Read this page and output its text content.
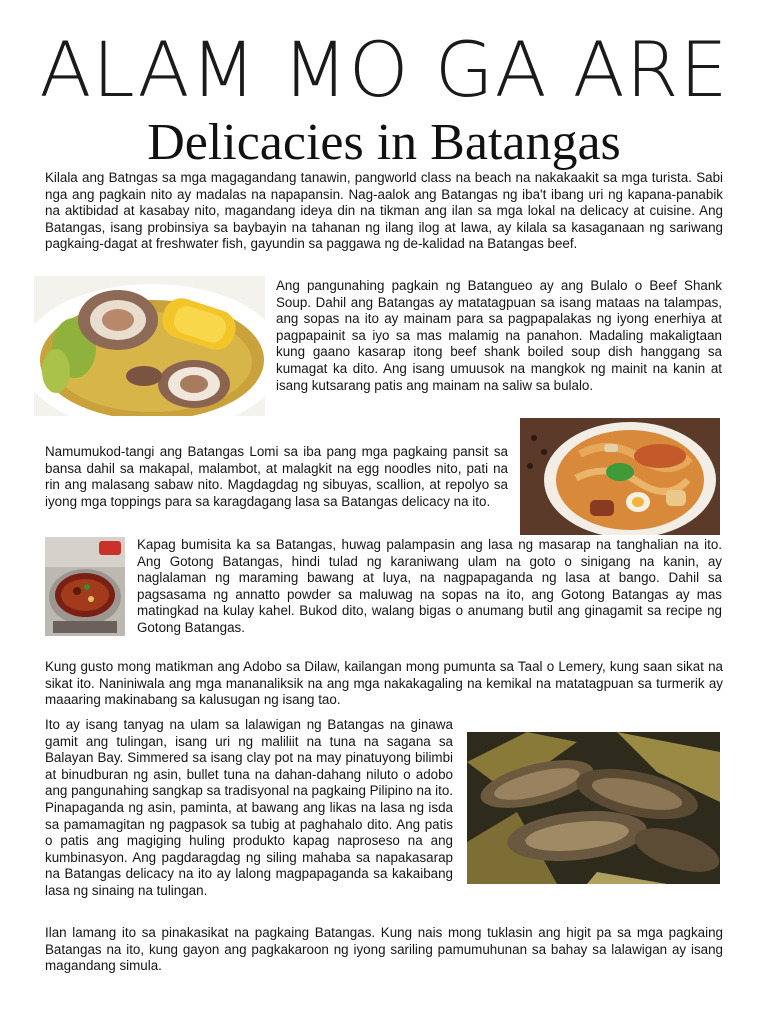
ALAM MO GA ARE
Delicacies in Batangas

Kilala ang Batngas sa mga magagandang tanawin, pangworld class na beach na nakakaakit sa mga turista. Sabi nga ang pagkain nito ay madalas na napapansin. Nag-aalok ang Batangas ng iba't ibang uri ng kapana-panabik na aktibidad at kasabay nito, magandang ideya din na tikman ang ilan sa mga lokal na delicacy at cuisine. Ang Batangas, isang probinsiya sa baybayin na tahanan ng ilang ilog at lawa, ay kilala sa kasaganaan ng sariwang pagkaing-dagat at freshwater fish, gayundin sa paggawa ng de-kalidad na Batangas beef.

Ang pangunahing pagkain ng Batangueo ay ang Bulalo o Beef Shank Soup. Dahil ang Batangas ay matatagpuan sa isang mataas na talampas, ang sopas na ito ay mainam para sa pagpapalakas ng iyong enerhiya at pagpapainit sa iyo sa mas malamig na panahon. Madaling makaligtaan kung gaano kasarap itong beef shank boiled soup dish hanggang sa kumagat ka dito. Ang isang umuusok na mangkok ng mainit na kanin at isang kutsarang patis ang mainam na saliw sa bulalo.

Namumukod-tangi ang Batangas Lomi sa iba pang mga pagkaing pansit sa bansa dahil sa makapal, malambot, at malagkit na egg noodles nito, pati na rin ang malasang sabaw nito. Magdagdag ng sibuyas, scallion, at repolyo sa iyong mga toppings para sa karagdagang lasa sa Batangas delicacy na ito.

Kapag bumisita ka sa Batangas, huwag palampasin ang lasa ng masarap na tanghalian na ito. Ang Gotong Batangas, hindi tulad ng karaniwang ulam na goto o sinigang na kanin, ay naglalaman ng maraming bawang at luya, na nagpapaganda ng lasa at bango. Dahil sa pagsasama ng annatto powder sa maluwag na sopas na ito, ang Gotong Batangas ay mas matingkad na kulay kahel. Bukod dito, walang bigas o anumang butil ang ginagamit sa recipe ng Gotong Batangas.

Kung gusto mong matikman ang Adobo sa Dilaw, kailangan mong pumunta sa Taal o Lemery, kung saan sikat na sikat ito. Naniniwala ang mga mananaliksik na ang mga nakakagaling na kemikal na matatagpuan sa turmerik ay maaaring makinabang sa kalusugan ng isang tao.

Ito ay isang tanyag na ulam sa lalawigan ng Batangas na ginawa gamit ang tulingan, isang uri ng maliliit na tuna na sagana sa Balayan Bay. Simmered sa isang clay pot na may pinatuyong bilimbi at binudburan ng asin, bullet tuna na dahan-dahang niluto o adobo ang pangunahing sangkap sa tradisyonal na pagkaing Pilipino na ito. Pinapaganda ng asin, paminta, at bawang ang likas na lasa ng isda sa pamamagitan ng pagpasok sa tubig at paghahalo dito. Ang patis o patis ang magiging huling produkto kapag naproseso na ang kumbinasyon. Ang pagdaragdag ng siling mahaba sa napakasarap na Batangas delicacy na ito ay lalong magpapaganda sa kakaibang lasa ng sinaing na tulingan.

Ilan lamang ito sa pinakasikat na pagkaing Batangas. Kung nais mong tuklasin ang higit pa sa mga pagkaing Batangas na ito, kung gayon ang pagkakaroon ng iyong sariling pamumuhunan sa bahay sa lalawigan ay isang magandang simula.
